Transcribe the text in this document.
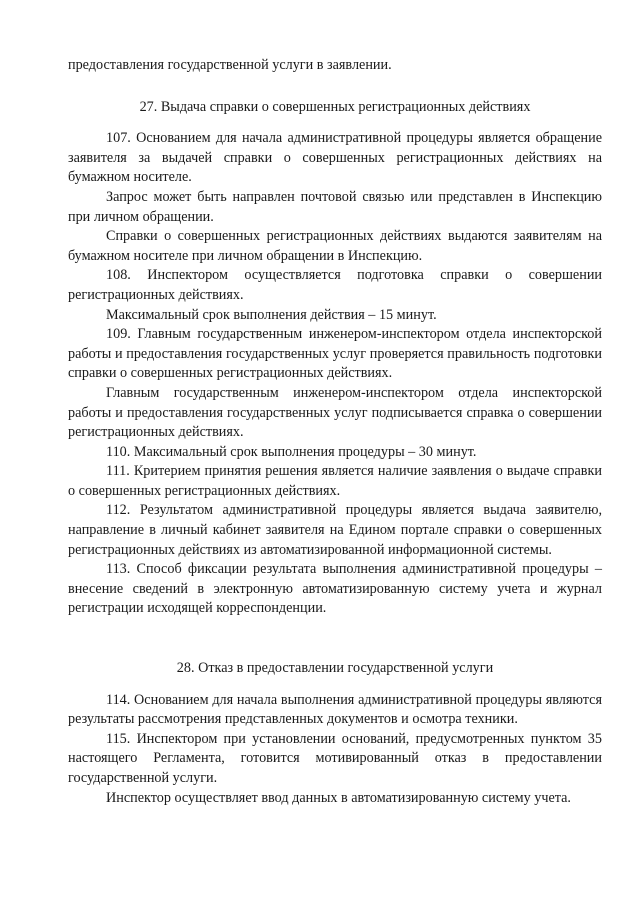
предоставления государственной услуги в заявлении.

27. Выдача справки о совершенных регистрационных действиях

107. Основанием для начала административной процедуры является обращение заявителя за выдачей справки о совершенных регистрационных действиях на бумажном носителе.

Запрос может быть направлен почтовой связью или представлен в Инспекцию при личном обращении.

Справки о совершенных регистрационных действиях выдаются заявителям на бумажном носителе при личном обращении в Инспекцию.

108. Инспектором осуществляется подготовка справки о совершении регистрационных действиях.

Максимальный срок выполнения действия – 15 минут.

109. Главным государственным инженером-инспектором отдела инспекторской работы и предоставления государственных услуг проверяется правильность подготовки справки о совершенных регистрационных действиях.

Главным государственным инженером-инспектором отдела инспекторской работы и предоставления государственных услуг подписывается справка о совершении регистрационных действиях.

110. Максимальный срок выполнения процедуры – 30 минут.

111. Критерием принятия решения является наличие заявления о выдаче справки о совершенных регистрационных действиях.

112. Результатом административной процедуры является выдача заявителю, направление в личный кабинет заявителя на Едином портале справки о совершенных регистрационных действиях из автоматизированной информационной системы.

113. Способ фиксации результата выполнения административной процедуры – внесение сведений в электронную автоматизированную систему учета и журнал регистрации исходящей корреспонденции.

28. Отказ в предоставлении государственной услуги

114. Основанием для начала выполнения административной процедуры являются результаты рассмотрения представленных документов и осмотра техники.

115. Инспектором при установлении оснований, предусмотренных пунктом 35 настоящего Регламента, готовится мотивированный отказ в предоставлении государственной услуги.

Инспектор осуществляет ввод данных в автоматизированную систему учета.
